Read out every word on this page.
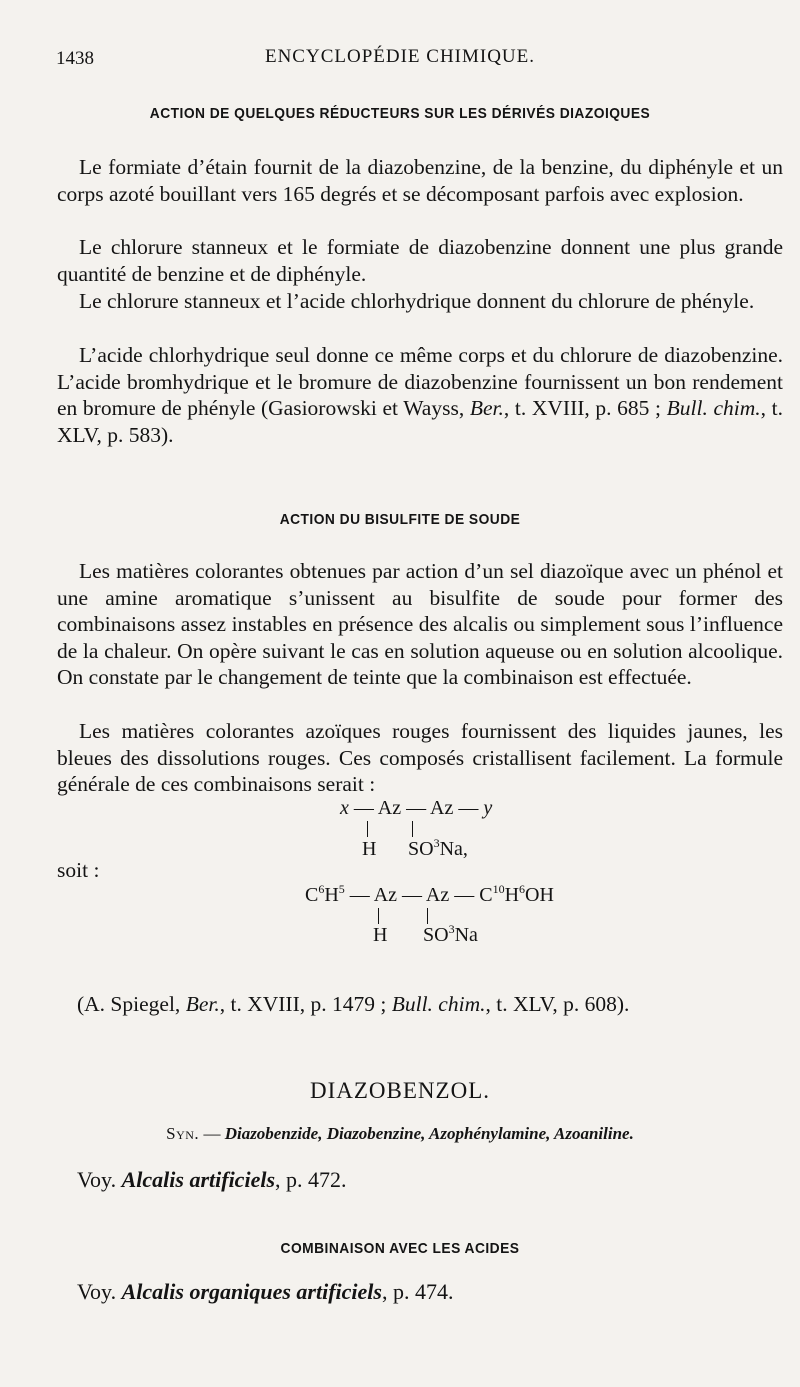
1438	ENCYCLOPÉDIE CHIMIQUE.
ACTION DE QUELQUES RÉDUCTEURS SUR LES DÉRIVÉS DIAZOIQUES

Le formiate d’étain fournit de la diazobenzine, de la benzine, du diphényle et un corps azoté bouillant vers 165 degrés et se décomposant parfois avec explosion.

Le chlorure stanneux et le formiate de diazobenzine donnent une plus grande quantité de benzine et de diphényle.

Le chlorure stanneux et l’acide chlorhydrique donnent du chlorure de phényle.

L’acide chlorhydrique seul donne ce même corps et du chlorure de diazobenzine. L’acide bromhydrique et le bromure de diazobenzine fournissent un bon rendement en bromure de phényle (Gasiorowski et Wayss, Ber., t. XVIII, p. 685 ; Bull. chim., t. XLV, p. 583).

ACTION DU BISULFITE DE SOUDE

Les matières colorantes obtenues par action d’un sel diazoïque avec un phénol et une amine aromatique s’unissent au bisulfite de soude pour former des combinaisons assez instables en présence des alcalis ou simplement sous l’influence de la chaleur. On opère suivant le cas en solution aqueuse ou en solution alcoolique. On constate par le changement de teinte que la combinaison est effectuée.

Les matières colorantes azoïques rouges fournissent des liquides jaunes, les bleues des dissolutions rouges. Ces composés cristallisent facilement. La formule générale de ces combinaisons serait :

x — Az — Az — y
H $SO^3Na$,
soit :
$C^6H^5$ — Az — Az — $C^{10}H^6OH$
H $SO^3Na$

(A. Spiegel, Ber., t. XVIII, p. 1479 ; Bull. chim., t. XLV, p. 608).

DIAZOBENZOL.
Syn. — Diazobenzide, Diazobenzine, Azophénylamine, Azoaniline.
Voy. Alcalis artificiels, p. 472.
COMBINAISON AVEC LES ACIDES
Voy. Alcalis organiques artificiels, p. 474.
